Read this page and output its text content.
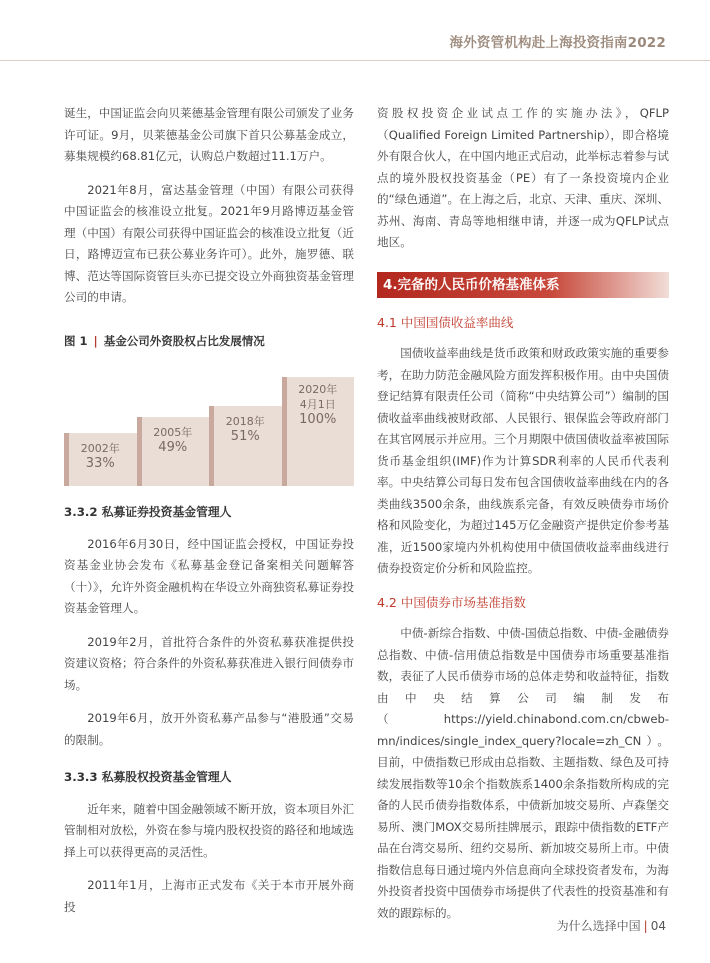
海外资管机构赴上海投资指南2022

诞生，中国证监会向贝莱德基金管理有限公司颁发了业务许可证。9月，贝莱德基金公司旗下首只公募基金成立，募集规模约68.81亿元，认购总户数超过11.1万户。

2021年8月，富达基金管理（中国）有限公司获得中国证监会的核准设立批复。2021年9月路博迈基金管理（中国）有限公司获得中国证监会的核准设立批复（近日，路博迈宣布已获公募业务许可）。此外，施罗德、联博、范达等国际资管巨头亦已提交设立外商独资基金管理公司的申请。

图 1 | 基金公司外资股权占比发展情况
2002年
33%
2005年
49%
2018年
51%
2020年
4月1日
100%
3.3.2 私募证券投资基金管理人

2016年6月30日，经中国证监会授权，中国证券投资基金业协会发布《私募基金登记备案相关问题解答（十）》，允许外资金融机构在华设立外商独资私募证券投资基金管理人。

2019年2月，首批符合条件的外资私募获准提供投资建议资格；符合条件的外资私募获准进入银行间债券市场。

2019年6月，放开外资私募产品参与“港股通”交易的限制。

3.3.3 私募股权投资基金管理人

近年来，随着中国金融领域不断开放，资本项目外汇管制相对放松，外资在参与境内股权投资的路径和地域选择上可以获得更高的灵活性。

2011年1月，上海市正式发布《关于本市开展外商投

资股权投资企业试点工作的实施办法》，QFLP（Qualified Foreign Limited Partnership），即合格境外有限合伙人，在中国内地正式启动，此举标志着参与试点的境外股权投资基金（PE）有了一条投资境内企业的“绿色通道”。在上海之后，北京、天津、重庆、深圳、苏州、海南、青岛等地相继申请，并逐一成为QFLP试点地区。

4.完备的人民币价格基准体系
4.1 中国国债收益率曲线

国债收益率曲线是货币政策和财政政策实施的重要参考，在助力防范金融风险方面发挥积极作用。由中央国债登记结算有限责任公司（简称“中央结算公司”）编制的国债收益率曲线被财政部、人民银行、银保监会等政府部门在其官网展示并应用。三个月期限中债国债收益率被国际货币基金组织(IMF)作为计算SDR利率的人民币代表利率。中央结算公司每日发布包含国债收益率曲线在内的各类曲线3500余条，曲线族系完备，有效反映债券市场价格和风险变化，为超过145万亿金融资产提供定价参考基准，近1500家境内外机构使用中债国债收益率曲线进行债券投资定价分析和风险监控。

4.2 中国债券市场基准指数

中债-新综合指数、中债-国债总指数、中债-金融债券总指数、中债-信用债总指数是中国债券市场重要基准指数，表征了人民币债券市场的总体走势和收益特征，指数由中央结算公司编制发布（https://yield.chinabond.com.cn/cbweb-mn/indices/single_index_query?locale=zh_CN）。目前，中债指数已形成由总指数、主题指数、绿色及可持续发展指数等10余个指数族系1400余条指数所构成的完备的人民币债券指数体系，中债新加坡交易所、卢森堡交易所、澳门MOX交易所挂牌展示，跟踪中债指数的ETF产品在台湾交易所、纽约交易所、新加坡交易所上市。中债指数信息每日通过境内外信息商向全球投资者发布，为海外投资者投资中国债券市场提供了代表性的投资基准和有效的跟踪标的。

为什么选择中国 | 04
